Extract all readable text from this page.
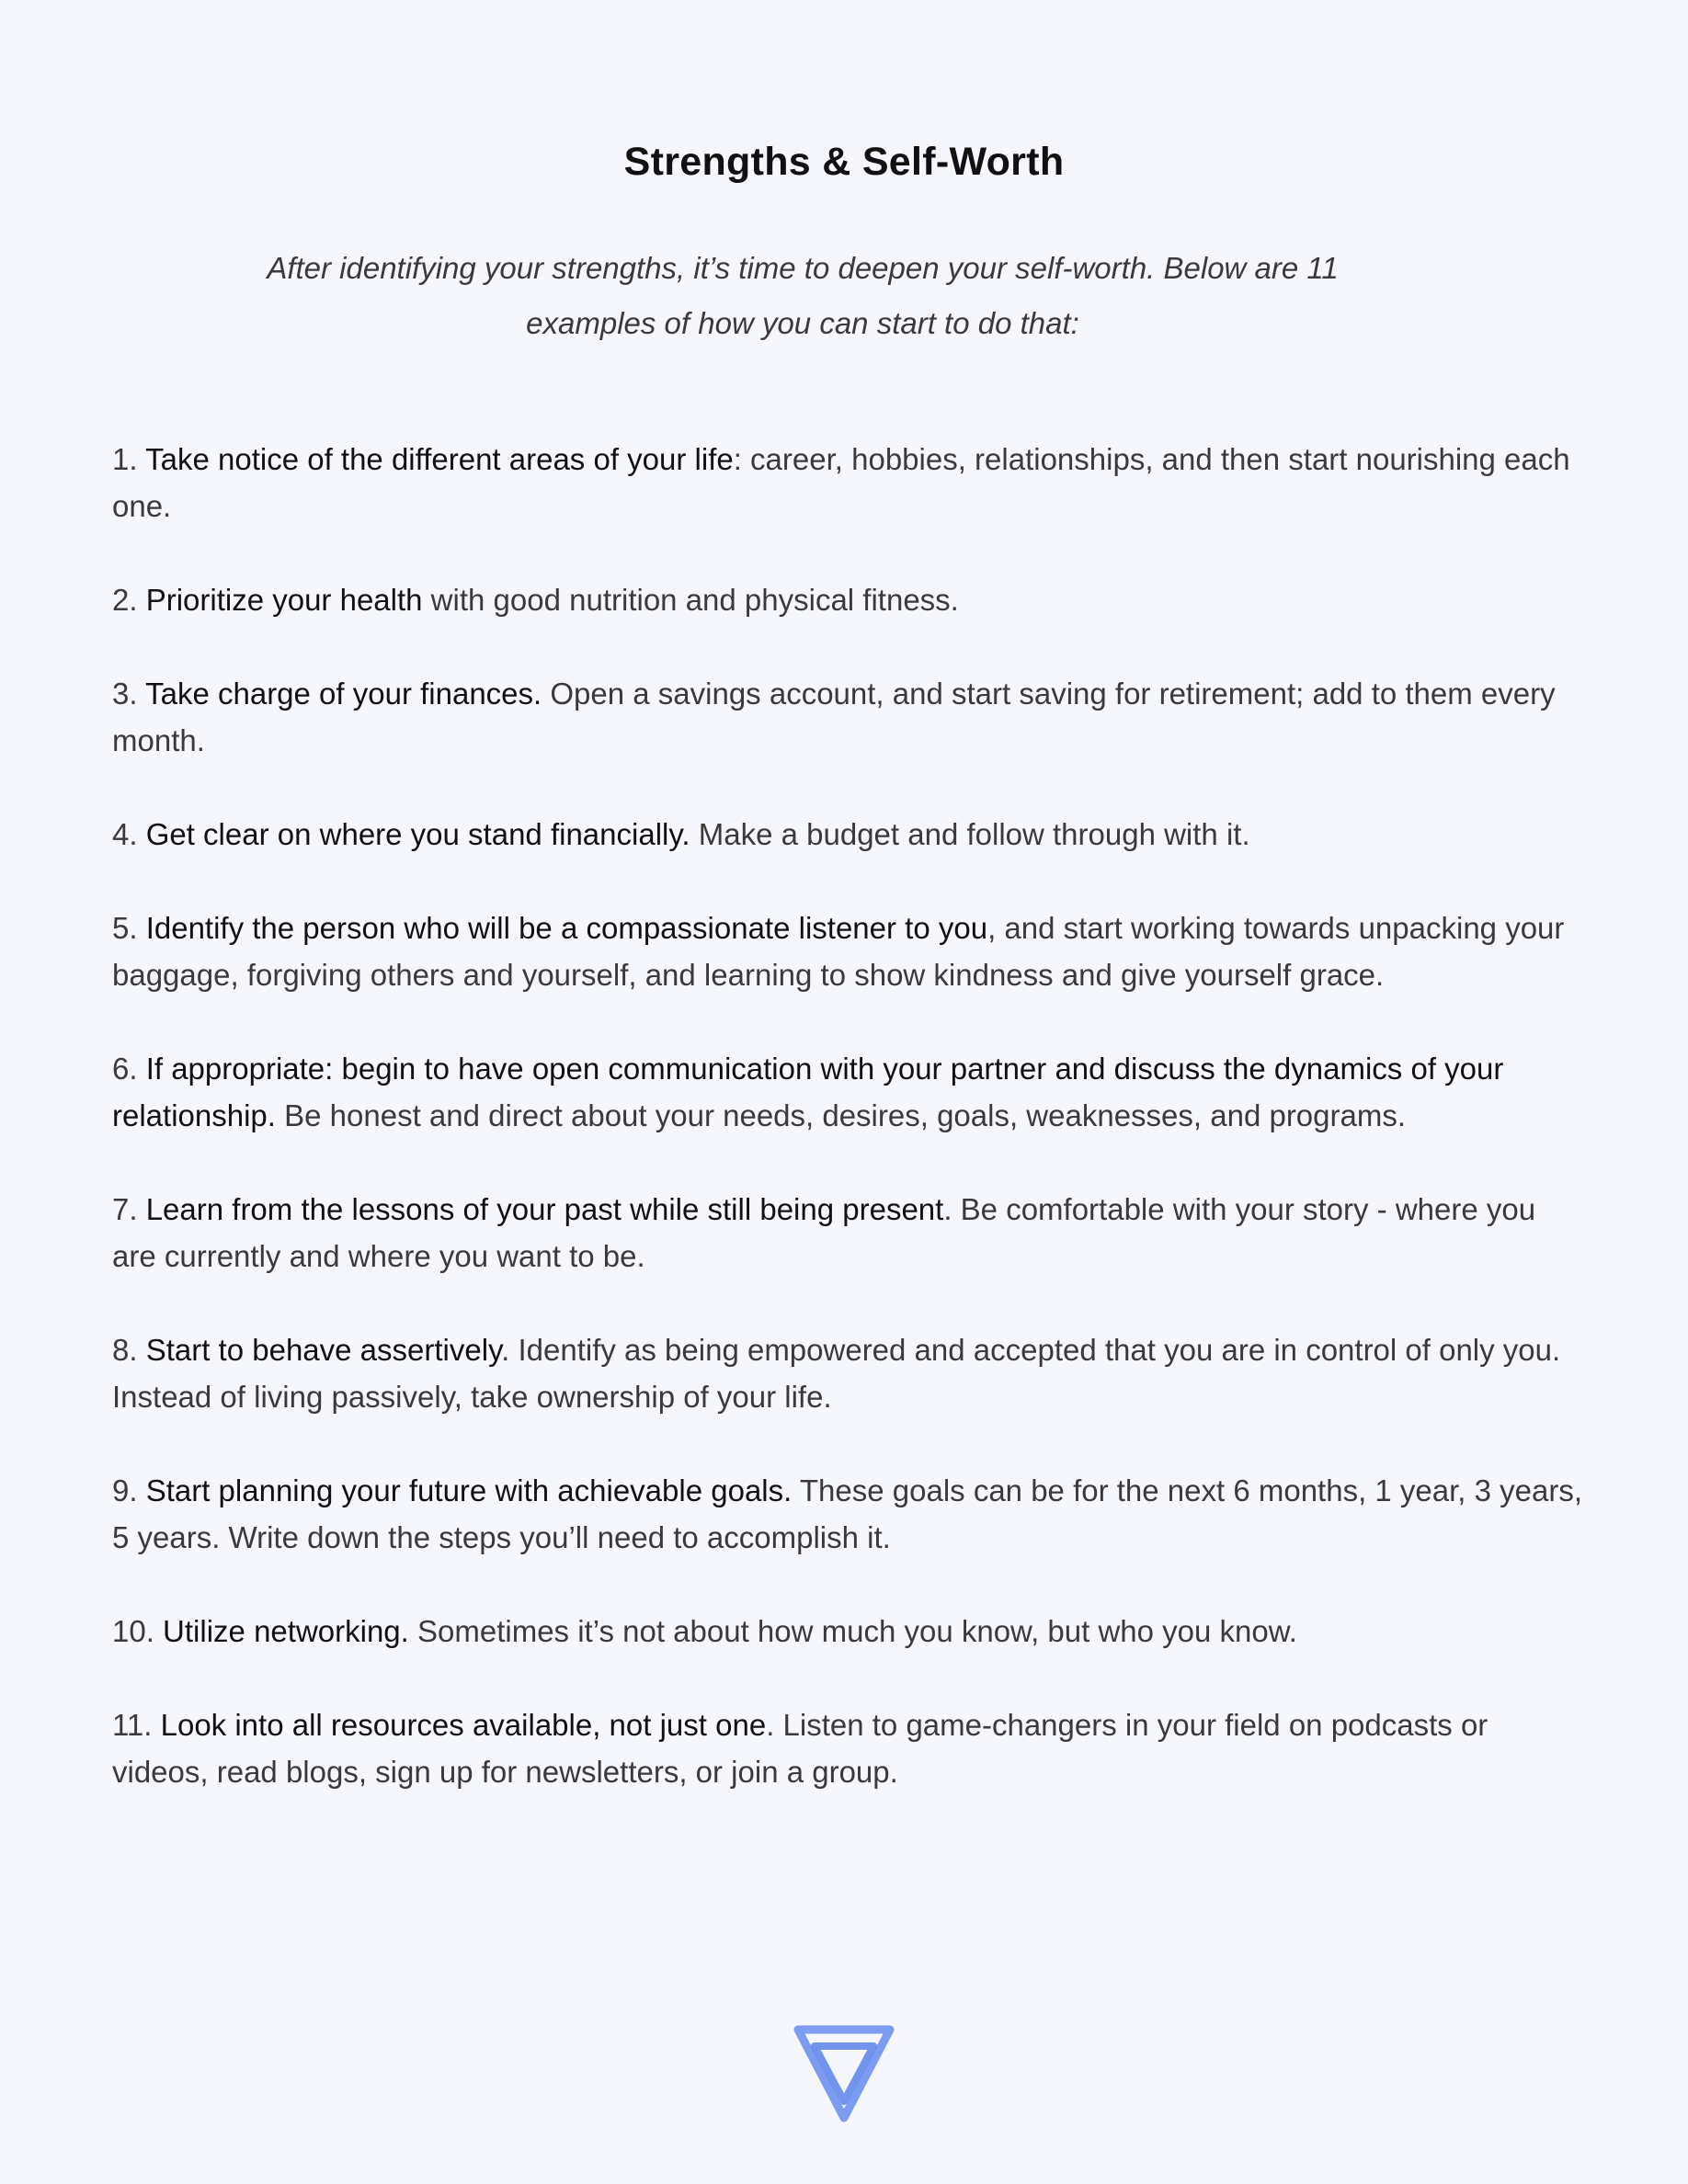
Strengths & Self-Worth
After identifying your strengths, it’s time to deepen your self-worth. Below are 11
examples of how you can start to do that:
1. Take notice of the different areas of your life: career, hobbies, relationships, and then start nourishing each one.
2. Prioritize your health with good nutrition and physical fitness.
3. Take charge of your finances. Open a savings account, and start saving for retirement; add to them every month.
4. Get clear on where you stand financially. Make a budget and follow through with it.
5. Identify the person who will be a compassionate listener to you, and start working towards unpacking your baggage, forgiving others and yourself, and learning to show kindness and give yourself grace.
6. If appropriate: begin to have open communication with your partner and discuss the dynamics of your relationship. Be honest and direct about your needs, desires, goals, weaknesses, and programs.
7. Learn from the lessons of your past while still being present. Be comfortable with your story - where you are currently and where you want to be.
8. Start to behave assertively. Identify as being empowered and accepted that you are in control of only you. Instead of living passively, take ownership of your life.
9. Start planning your future with achievable goals. These goals can be for the next 6 months, 1 year, 3 years, 5 years. Write down the steps you’ll need to accomplish it.
10. Utilize networking. Sometimes it’s not about how much you know, but who you know.
11. Look into all resources available, not just one. Listen to game-changers in your field on podcasts or videos, read blogs, sign up for newsletters, or join a group.
